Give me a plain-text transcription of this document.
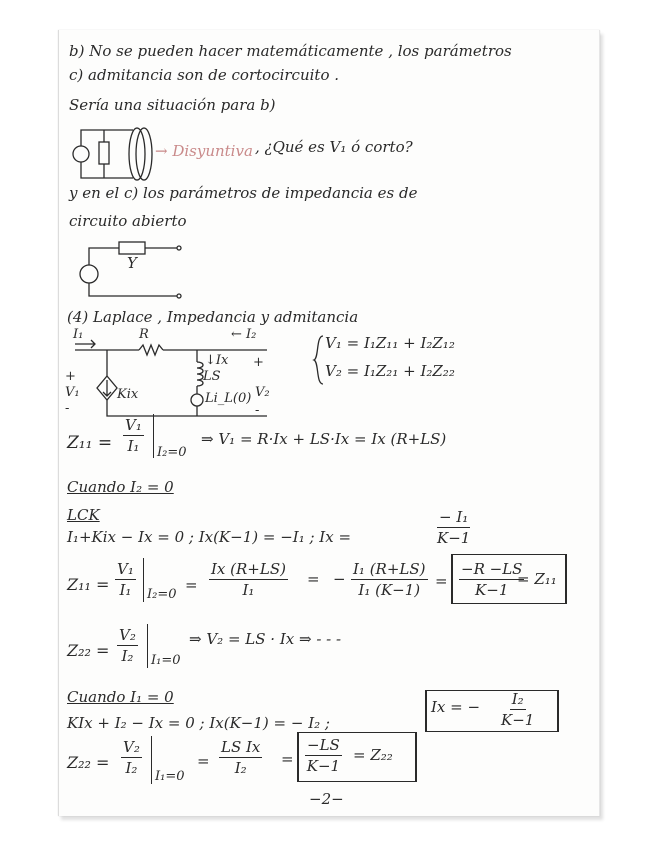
b) No se pueden hacer matemáticamente , los parámetros
c) admitancia son de cortocircuito .
Sería una situación para b)
→ Disyuntiva , ¿Qué es V₁ ó corto?
y en el c) los parámetros de impedancia es de
circuito abierto
Y
(4) Laplace , Impedancia y admitancia
I₁	R	← I₂
↓Ix
LS
+
+
V₁	V₂
-	-
Kix	Li_L(0)
V₁ = I₁Z₁₁ + I₂Z₁₂
V₂ = I₁Z₂₁ + I₂Z₂₂
$Z_{11} = \frac{\text{V₁}}{\text{I₁}} I_2=0$
⇒ V₁ = R·Ix + LS·Ix = Ix (R+LS)
Cuando I₂ = 0
LCK
I₁+Kix − Ix = 0 ; Ix(K−1) = −I₁ ; Ix =	$\frac{\text{− I₁}}{K-1}$
$Z_{11} = \frac{\text{V₁}}{\text{I₁}} I_2=0$
= $\frac{Ix (R+LS)}{\text{I₁}}$ = − $\frac{\text{I₁ (R+LS)}}{\text{I₁ (K−1)}} = \frac{-R -LS}{K-1}$
= Z₁₁
$Z_{22} = \frac{\text{V₂}}{\text{I₂}} I_1=0$
⇒ V₂ = LS · Ix ⇒ - - -
Cuando I₁ = 0
KIx + I₂ − Ix = 0 ; Ix(K−1) = − I₂ ;
Ix = − $\frac{\text{I₂}}{K-1}$
$Z_{22} = \frac{\text{V₂}}{\text{I₂}} I_1=0$
= $\frac{\text{LS Ix}}{\text{I₂}} = \frac{-LS}{K-1} = Z_{22}$
−2−
